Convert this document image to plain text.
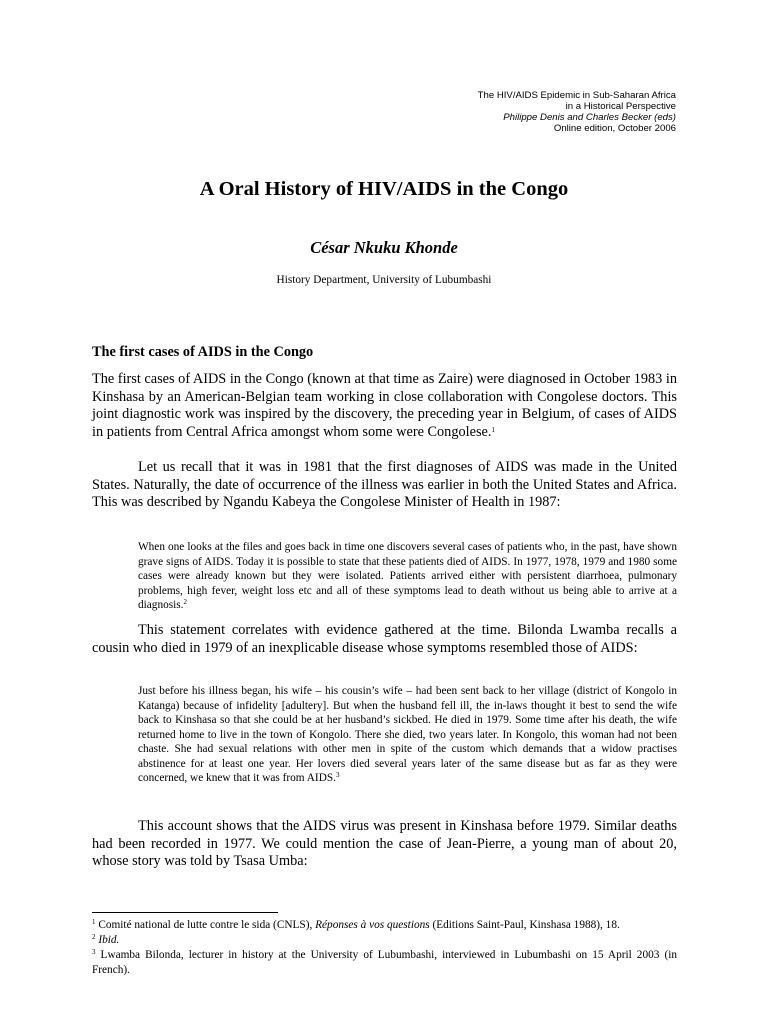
The HIV/AIDS Epidemic in Sub-Saharan Africa
in a Historical Perspective
Philippe Denis and Charles Becker (eds)
Online edition, October 2006
A Oral History of HIV/AIDS in the Congo
César Nkuku Khonde
History Department, University of Lubumbashi
The first cases of AIDS in the Congo

The first cases of AIDS in the Congo (known at that time as Zaire) were diagnosed in October 1983 in Kinshasa by an American-Belgian team working in close collaboration with Congolese doctors. This joint diagnostic work was inspired by the discovery, the preceding year in Belgium, of cases of AIDS in patients from Central Africa amongst whom some were Congolese.$^1$

Let us recall that it was in 1981 that the first diagnoses of AIDS was made in the United States. Naturally, the date of occurrence of the illness was earlier in both the United States and Africa. This was described by Ngandu Kabeya the Congolese Minister of Health in 1987:

When one looks at the files and goes back in time one discovers several cases of patients who, in the past, have shown grave signs of AIDS. Today it is possible to state that these patients died of AIDS. In 1977, 1978, 1979 and 1980 some cases were already known but they were isolated. Patients arrived either with persistent diarrhoea, pulmonary problems, high fever, weight loss etc and all of these symptoms lead to death without us being able to arrive at a diagnosis.$^2$

This statement correlates with evidence gathered at the time. Bilonda Lwamba recalls a cousin who died in 1979 of an inexplicable disease whose symptoms resembled those of AIDS:

Just before his illness began, his wife – his cousin’s wife – had been sent back to her village (district of Kongolo in Katanga) because of infidelity [adultery]. But when the husband fell ill, the in-laws thought it best to send the wife back to Kinshasa so that she could be at her husband’s sickbed. He died in 1979. Some time after his death, the wife returned home to live in the town of Kongolo. There she died, two years later. In Kongolo, this woman had not been chaste. She had sexual relations with other men in spite of the custom which demands that a widow practises abstinence for at least one year. Her lovers died several years later of the same disease but as far as they were concerned, we knew that it was from AIDS.$^3$

This account shows that the AIDS virus was present in Kinshasa before 1979. Similar deaths had been recorded in 1977. We could mention the case of Jean-Pierre, a young man of about 20, whose story was told by Tsasa Umba:

$^1$ Comité national de lutte contre le sida (CNLS), Réponses à vos questions (Editions Saint-Paul, Kinshasa 1988), 18.

$^2$ Ibid.

$^3$ Lwamba Bilonda, lecturer in history at the University of Lubumbashi, interviewed in Lubumbashi on 15 April 2003 (in French).
